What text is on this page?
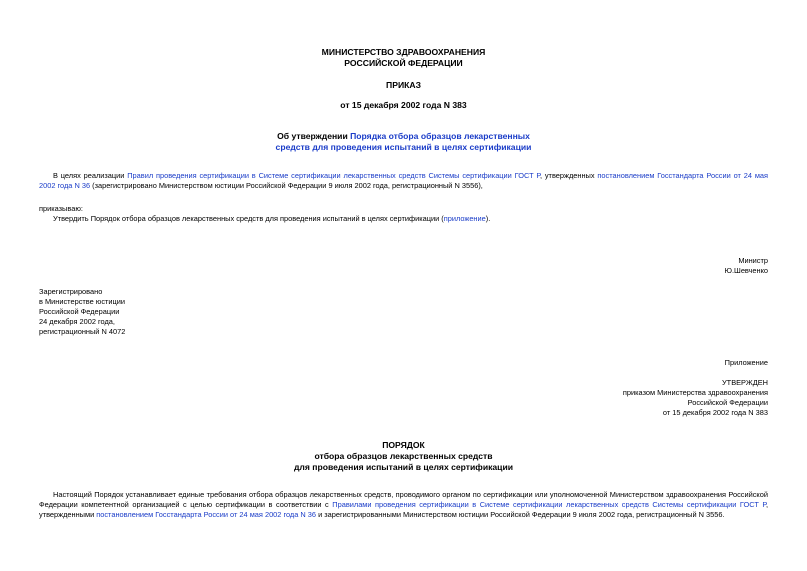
МИНИСТЕРСТВО ЗДРАВООХРАНЕНИЯ
РОССИЙСКОЙ ФЕДЕРАЦИИ
ПРИКАЗ
от 15 декабря 2002 года N 383
Об утверждении Порядка отбора образцов лекарственных
средств для проведения испытаний в целях сертификации
В целях реализации Правил проведения сертификации в Системе сертификации лекарственных средств Системы сертификации ГОСТ Р, утвержденных постановлением Госстандарта России от 24 мая 2002 года N 36 (зарегистрировано Министерством юстиции Российской Федерации 9 июля 2002 года, регистрационный N 3556),
приказываю:
Утвердить Порядок отбора образцов лекарственных средств для проведения испытаний в целях сертификации (приложение).
Министр
Ю.Шевченко
Зарегистрировано
в Министерстве юстиции
Российской Федерации
24 декабря 2002 года,
регистрационный N 4072
Приложение
УТВЕРЖДЕН
приказом Министерства здравоохранения
Российской Федерации
от 15 декабря 2002 года N 383
ПОРЯДОК
отбора образцов лекарственных средств
для проведения испытаний в целях сертификации
Настоящий Порядок устанавливает единые требования отбора образцов лекарственных средств, проводимого органом по сертификации или уполномоченной Министерством здравоохранения Российской Федерации компетентной организацией с целью сертификации в соответствии с Правилами проведения сертификации в Системе сертификации лекарственных средств Системы сертификации ГОСТ Р, утвержденными постановлением Госстандарта России от 24 мая 2002 года N 36 и зарегистрированными Министерством юстиции Российской Федерации 9 июля 2002 года, регистрационный N 3556.
